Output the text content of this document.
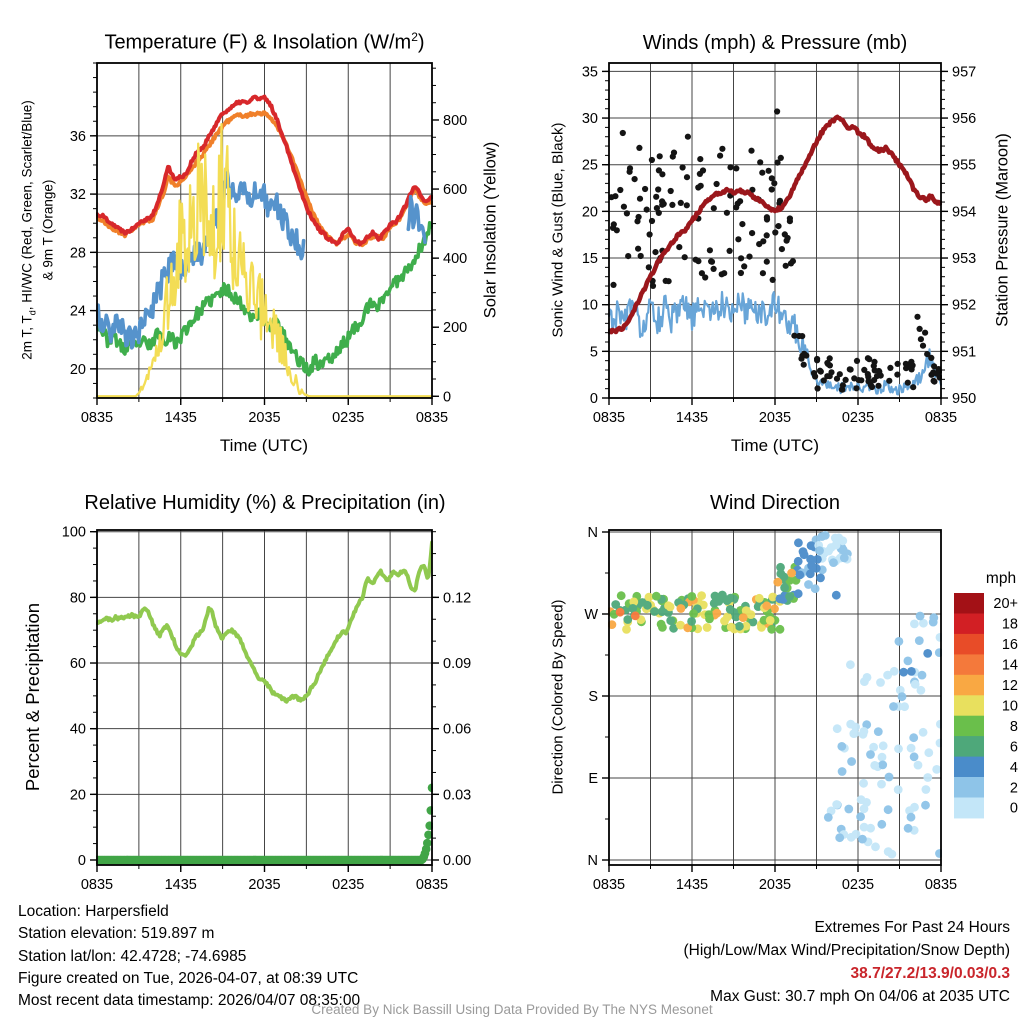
0835	1435	2035	0235	0835
20
24
28
32
36
0
200
400
600
800
0835	1435	2035	0235	0835
0
5
10
15
20
25
30
35
950
951
952
953
954
955
956
957
0835	1435	2035	0235	0835
0
20
40
60
80
100
0.00
0.03
0.06
0.09
0.12
0835	1435	2035	0235	0835
N
W
S
E
N
mph
20+
18
16
14
12
10
8
6
4
2
0
Temperature (F) & Insolation $(W/m^2)$	Winds (mph) & Pressure (mb)
Relative Humidity (%) & Precipitation (in)	Wind Direction
2m T, $T_d$, HI/WC (Red, Green, Scarlet/Blue) & 9m T (Orange)	Solar Insolation (Yellow)	Sonic Wind & Gust (Blue, Black)	Station Pressure (Maroon)
Percent & Precipitation	Direction (Colored By Speed)
Time (UTC)	Time (UTC)
Location: Harpersfield
Station elevation: 519.897 m
Station lat/lon: 42.4728; -74.6985
Figure created on Tue, 2026-04-07, at 08:39 UTC
Most recent data timestamp: 2026/04/07 08:35:00
Extremes For Past 24 Hours
(High/Low/Max Wind/Precipitation/Snow Depth)
38.7/27.2/13.9/0.03/0.3
Max Gust: 30.7 mph On 04/06 at 2035 UTC
Created By Nick Bassill Using Data Provided By The NYS Mesonet
